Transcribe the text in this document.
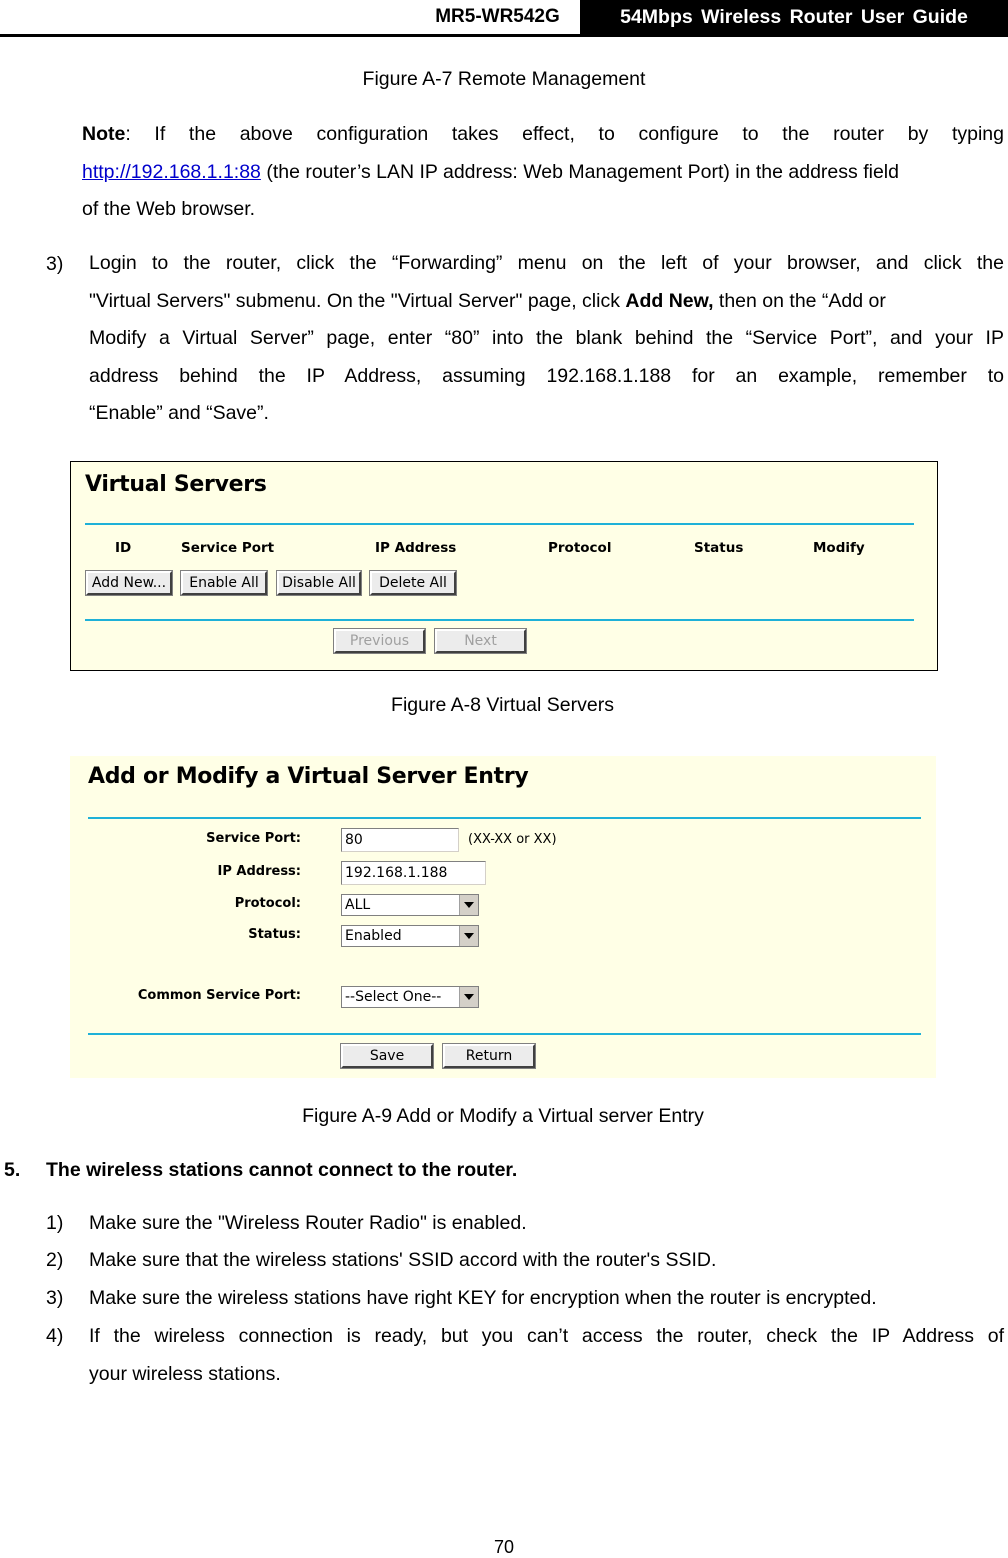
MR5-WR542G	54Mbps Wireless Router User Guide
Figure A-7 Remote Management
Note: If the above configuration takes effect, to configure to the router by typing
http://192.168.1.1:88 (the router’s LAN IP address: Web Management Port) in the address field
of the Web browser.
3) Login to the router, click the “Forwarding” menu on the left of your browser, and click the
"Virtual Servers" submenu. On the "Virtual Server" page, click Add New, then on the “Add or
Modify a Virtual Server” page, enter “80” into the blank behind the “Service Port”, and your IP
address behind the IP Address, assuming 192.168.1.188 for an example, remember to
“Enable” and “Save”.
Virtual Servers
ID	Service Port	IP Address	Protocol	Status	Modify
Add New...	Enable All	Disable All	Delete All
Previous	Next
Figure A-8 Virtual Servers
Add or Modify a Virtual Server Entry
Service Port:	80	(XX-XX or XX)
IP Address:	192.168.1.188
Protocol:	ALL
Status:	Enabled
Common Service Port:	--Select One--
Save	Return
Figure A-9 Add or Modify a Virtual server Entry
5. The wireless stations cannot connect to the router.
1) Make sure the "Wireless Router Radio" is enabled.
2) Make sure that the wireless stations' SSID accord with the router's SSID.
3) Make sure the wireless stations have right KEY for encryption when the router is encrypted.
4) If the wireless connection is ready, but you can’t access the router, check the IP Address of
your wireless stations.
70
